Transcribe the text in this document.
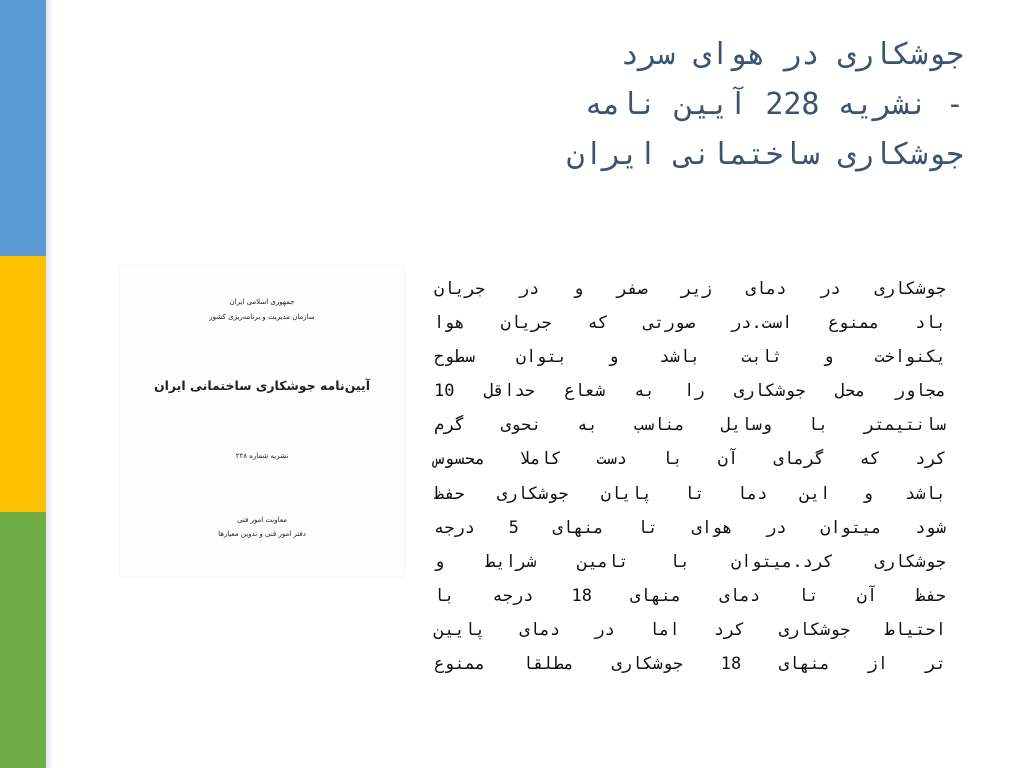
جوشکاری در هوای سرد
- نشریه 228 آیین نامه
جوشکاری ساختمانی ایران
جمهوری اسلامی ایران
سازمان مدیریت و برنامه‌ریزی کشور
آیین‌نامه جوشکاری ساختمانی ایران
نشریه شماره ۲۲۸
معاونت امور فنی
دفتر امور فنی و تدوین معیارها
جوشکاری در دمای زیر صفر و در جریان
باد ممنوع است.در صورتی که جریان هوا
یکنواخت و ثابت باشد و بتوان سطوح
مجاور محل جوشکاری را به شعاع حداقل 10
سانتیمتر با وسایل مناسب به نحوی گرم
کرد که گرمای آن با دست کاملا محسوس
باشد و این دما تا پایان جوشکاری حفظ
شود میتوان در هوای تا منهای 5 درجه
جوشکاری کرد.میتوان با تامین شرایط و
حفظ آن تا دمای منهای 18 درجه با
احتیاط جوشکاری کرد اما در دمای پایین
تر از منهای 18 جوشکاری مطلقا ممنوع
